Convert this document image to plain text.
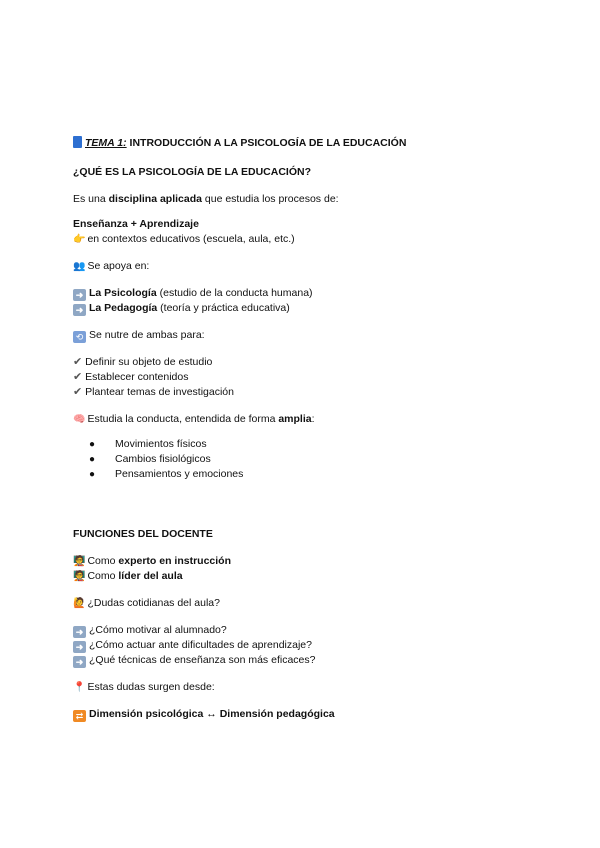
TEMA 1: INTRODUCCIÓN A LA PSICOLOGÍA DE LA EDUCACIÓN
¿QUÉ ES LA PSICOLOGÍA DE LA EDUCACIÓN?
Es una disciplina aplicada que estudia los procesos de:
Enseñanza + Aprendizaje
👉 en contextos educativos (escuela, aula, etc.)
👥 Se apoya en:
➜ La Psicología (estudio de la conducta humana)
➜ La Pedagogía (teoría y práctica educativa)
⟲ Se nutre de ambas para:
✔ Definir su objeto de estudio
✔ Establecer contenidos
✔ Plantear temas de investigación
🧠 Estudia la conducta, entendida de forma amplia:
● Movimientos físicos
● Cambios fisiológicos
● Pensamientos y emociones
FUNCIONES DEL DOCENTE
🧑‍🏫 Como experto en instrucción
🧑‍🏫 Como líder del aula
🙋 ¿Dudas cotidianas del aula?
➜ ¿Cómo motivar al alumnado?
➜ ¿Cómo actuar ante dificultades de aprendizaje?
➜ ¿Qué técnicas de enseñanza son más eficaces?
📍 Estas dudas surgen desde:
⇄ Dimensión psicológica ↔ Dimensión pedagógica
